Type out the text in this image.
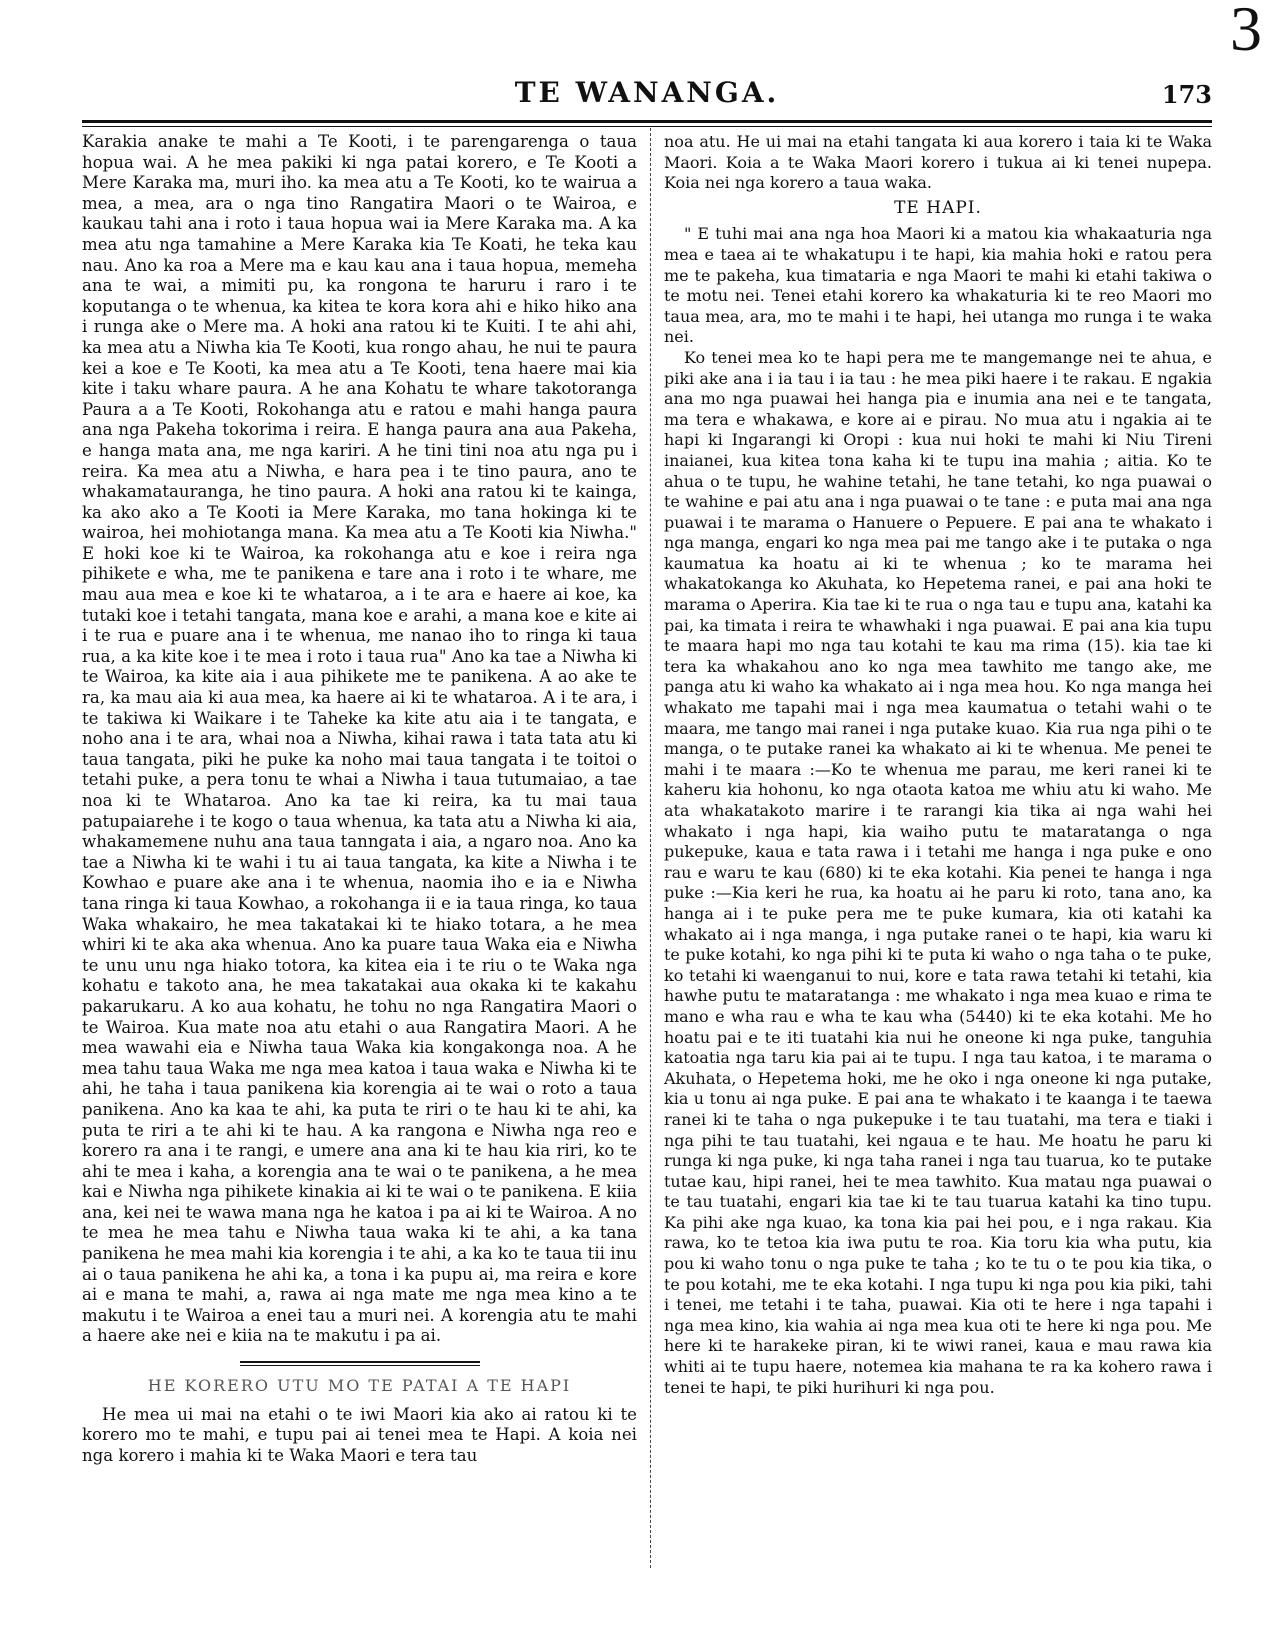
3
TE WANANGA.	173

Karakia anake te mahi a Te Kooti, i te parengarenga o taua hopua wai. A he mea pakiki ki nga patai korero, e Te Kooti a Mere Karaka ma, muri iho. ka mea atu a Te Kooti, ko te wairua a mea, a mea, ara o nga tino Rangatira Maori o te Wairoa, e kaukau tahi ana i roto i taua hopua wai ia Mere Karaka ma. A ka mea atu nga tamahine a Mere Karaka kia Te Koati, he teka kau nau. Ano ka roa a Mere ma e kau kau ana i taua hopua, memeha ana te wai, a mimiti pu, ka rongona te haruru i raro i te koputanga o te whenua, ka kitea te kora kora ahi e hiko hiko ana i runga ake o Mere ma. A hoki ana ratou ki te Kuiti. I te ahi ahi, ka mea atu a Niwha kia Te Kooti, kua rongo ahau, he nui te paura kei a koe e Te Kooti, ka mea atu a Te Kooti, tena haere mai kia kite i taku whare paura. A he ana Kohatu te whare takotoranga Paura a a Te Kooti, Rokohanga atu e ratou e mahi hanga paura ana nga Pakeha tokorima i reira. E hanga paura ana aua Pakeha, e hanga mata ana, me nga kariri. A he tini tini noa atu nga pu i reira. Ka mea atu a Niwha, e hara pea i te tino paura, ano te whakamatauranga, he tino paura. A hoki ana ratou ki te kainga, ka ako ako a Te Kooti ia Mere Karaka, mo tana hokinga ki te wairoa, hei mohiotanga mana. Ka mea atu a Te Kooti kia Niwha." E hoki koe ki te Wairoa, ka rokohanga atu e koe i reira nga pihikete e wha, me te panikena e tare ana i roto i te whare, me mau aua mea e koe ki te whataroa, a i te ara e haere ai koe, ka tutaki koe i tetahi tangata, mana koe e arahi, a mana koe e kite ai i te rua e puare ana i te whenua, me nanao iho to ringa ki taua rua, a ka kite koe i te mea i roto i taua rua" Ano ka tae a Niwha ki te Wairoa, ka kite aia i aua pihikete me te panikena. A ao ake te ra, ka mau aia ki aua mea, ka haere ai ki te whataroa. A i te ara, i te takiwa ki Waikare i te Taheke ka kite atu aia i te tangata, e noho ana i te ara, whai noa a Niwha, kihai rawa i tata tata atu ki taua tangata, piki he puke ka noho mai taua tangata i te toitoi o tetahi puke, a pera tonu te whai a Niwha i taua tutumaiao, a tae noa ki te Whataroa. Ano ka tae ki reira, ka tu mai taua patupaiarehe i te kogo o taua whenua, ka tata atu a Niwha ki aia, whakamemene nuhu ana taua tanngata i aia, a ngaro noa. Ano ka tae a Niwha ki te wahi i tu ai taua tangata, ka kite a Niwha i te Kowhao e puare ake ana i te whenua, naomia iho e ia e Niwha tana ringa ki taua Kowhao, a rokohanga ii e ia taua ringa, ko taua Waka whakairo, he mea takatakai ki te hiako totara, a he mea whiri ki te aka aka whenua. Ano ka puare taua Waka eia e Niwha te unu unu nga hiako totora, ka kitea eia i te riu o te Waka nga kohatu e takoto ana, he mea takatakai aua okaka ki te kakahu pakarukaru. A ko aua kohatu, he tohu no nga Rangatira Maori o te Wairoa. Kua mate noa atu etahi o aua Rangatira Maori. A he mea wawahi eia e Niwha taua Waka kia kongakonga noa. A he mea tahu taua Waka me nga mea katoa i taua waka e Niwha ki te ahi, he taha i taua panikena kia korengia ai te wai o roto a taua panikena. Ano ka kaa te ahi, ka puta te riri o te hau ki te ahi, ka puta te riri a te ahi ki te hau. A ka rangona e Niwha nga reo e korero ra ana i te rangi, e umere ana ana ki te hau kia riri, ko te ahi te mea i kaha, a korengia ana te wai o te panikena, a he mea kai e Niwha nga pihikete kinakia ai ki te wai o te panikena. E kiia ana, kei nei te wawa mana nga he katoa i pa ai ki te Wairoa. A no te mea he mea tahu e Niwha taua waka ki te ahi, a ka tana panikena he mea mahi kia korengia i te ahi, a ka ko te taua tii inu ai o taua panikena he ahi ka, a tona i ka pupu ai, ma reira e kore ai e mana te mahi, a, rawa ai nga mate me nga mea kino a te makutu i te Wairoa a enei tau a muri nei. A korengia atu te mahi a haere ake nei e kiia na te makutu i pa ai.

HE KORERO UTU MO TE PATAI A TE HAPI

He mea ui mai na etahi o te iwi Maori kia ako ai ratou ki te korero mo te mahi, e tupu pai ai tenei mea te Hapi. A koia nei nga korero i mahia ki te Waka Maori e tera tau

noa atu. He ui mai na etahi tangata ki aua korero i taia ki te Waka Maori. Koia a te Waka Maori korero i tukua ai ki tenei nupepa. Koia nei nga korero a taua waka.

TE HAPI.

" E tuhi mai ana nga hoa Maori ki a matou kia whakaaturia nga mea e taea ai te whakatupu i te hapi, kia mahia hoki e ratou pera me te pakeha, kua timataria e nga Maori te mahi ki etahi takiwa o te motu nei. Tenei etahi korero ka whakaturia ki te reo Maori mo taua mea, ara, mo te mahi i te hapi, hei utanga mo runga i te waka nei.

Ko tenei mea ko te hapi pera me te mangemange nei te ahua, e piki ake ana i ia tau i ia tau : he mea piki haere i te rakau. E ngakia ana mo nga puawai hei hanga pia e inumia ana nei e te tangata, ma tera e whakawa, e kore ai e pirau. No mua atu i ngakia ai te hapi ki Ingarangi ki Oropi : kua nui hoki te mahi ki Niu Tireni inaianei, kua kitea tona kaha ki te tupu ina mahia ; aitia. Ko te ahua o te tupu, he wahine tetahi, he tane tetahi, ko nga puawai o te wahine e pai atu ana i nga puawai o te tane : e puta mai ana nga puawai i te marama o Hanuere o Pepuere. E pai ana te whakato i nga manga, engari ko nga mea pai me tango ake i te putaka o nga kaumatua ka hoatu ai ki te whenua ; ko te marama hei whakatokanga ko Akuhata, ko Hepetema ranei, e pai ana hoki te marama o Aperira. Kia tae ki te rua o nga tau e tupu ana, katahi ka pai, ka timata i reira te whawhaki i nga puawai. E pai ana kia tupu te maara hapi mo nga tau kotahi te kau ma rima (15). kia tae ki tera ka whakahou ano ko nga mea tawhito me tango ake, me panga atu ki waho ka whakato ai i nga mea hou. Ko nga manga hei whakato me tapahi mai i nga mea kaumatua o tetahi wahi o te maara, me tango mai ranei i nga putake kuao. Kia rua nga pihi o te manga, o te putake ranei ka whakato ai ki te whenua. Me penei te mahi i te maara :—Ko te whenua me parau, me keri ranei ki te kaheru kia hohonu, ko nga otaota katoa me whiu atu ki waho. Me ata whakatakoto marire i te rarangi kia tika ai nga wahi hei whakato i nga hapi, kia waiho putu te mataratanga o nga pukepuke, kaua e tata rawa i i tetahi me hanga i nga puke e ono rau e waru te kau (680) ki te eka kotahi. Kia penei te hanga i nga puke :—Kia keri he rua, ka hoatu ai he paru ki roto, tana ano, ka hanga ai i te puke pera me te puke kumara, kia oti katahi ka whakato ai i nga manga, i nga putake ranei o te hapi, kia waru ki te puke kotahi, ko nga pihi ki te puta ki waho o nga taha o te puke, ko tetahi ki waenganui to nui, kore e tata rawa tetahi ki tetahi, kia hawhe putu te mataratanga : me whakato i nga mea kuao e rima te mano e wha rau e wha te kau wha (5440) ki te eka kotahi. Me ho hoatu pai e te iti tuatahi kia nui he oneone ki nga puke, tanguhia katoatia nga taru kia pai ai te tupu. I nga tau katoa, i te marama o Akuhata, o Hepetema hoki, me he oko i nga oneone ki nga putake, kia u tonu ai nga puke. E pai ana te whakato i te kaanga i te taewa ranei ki te taha o nga pukepuke i te tau tuatahi, ma tera e tiaki i nga pihi te tau tuatahi, kei ngaua e te hau. Me hoatu he paru ki runga ki nga puke, ki nga taha ranei i nga tau tuarua, ko te putake tutae kau, hipi ranei, hei te mea tawhito. Kua matau nga puawai o te tau tuatahi, engari kia tae ki te tau tuarua katahi ka tino tupu. Ka pihi ake nga kuao, ka tona kia pai hei pou, e i nga rakau. Kia rawa, ko te tetoa kia iwa putu te roa. Kia toru kia wha putu, kia pou ki waho tonu o nga puke te taha ; ko te tu o te pou kia tika, o te pou kotahi, me te eka kotahi. I nga tupu ki nga pou kia piki, tahi i tenei, me tetahi i te taha, puawai. Kia oti te here i nga tapahi i nga mea kino, kia wahia ai nga mea kua oti te here ki nga pou. Me here ki te harakeke piran, ki te wiwi ranei, kaua e mau rawa kia whiti ai te tupu haere, notemea kia mahana te ra ka kohero rawa i tenei te hapi, te piki hurihuri ki nga pou.
